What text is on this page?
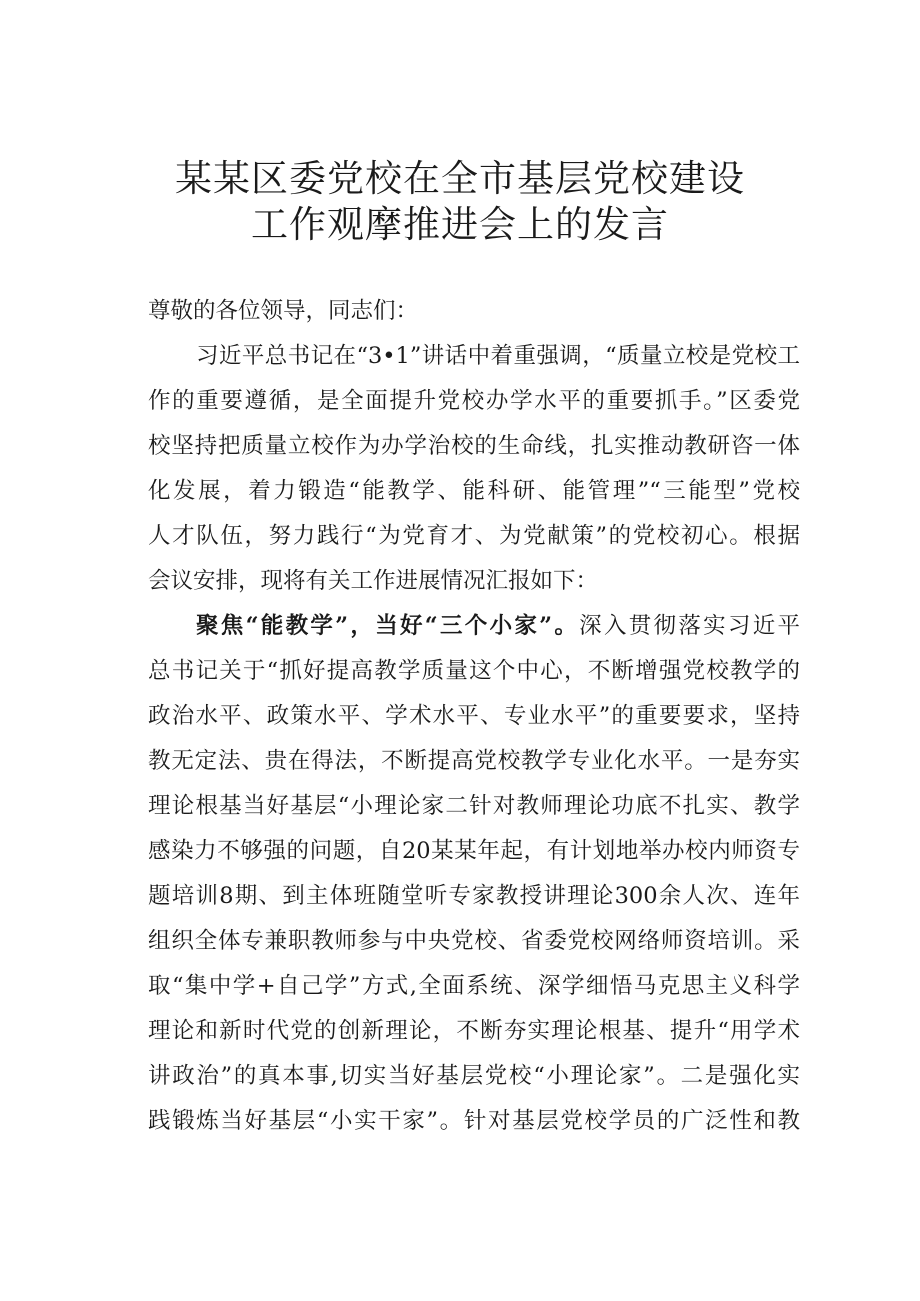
某某区委党校在全市基层党校建设
工作观摩推进会上的发言

尊敬的各位领导，同志们：

习近平总书记在“3•1”讲话中着重强调，“质量立校是党校工

作的重要遵循，是全面提升党校办学水平的重要抓手。”区委党

校坚持把质量立校作为办学治校的生命线，扎实推动教研咨一体

化发展，着力锻造“能教学、能科研、能管理”“三能型”党校

人才队伍，努力践行“为党育才、为党献策”的党校初心。根据

会议安排，现将有关工作进展情况汇报如下：

聚焦“能教学”，当好“三个小家”。深入贯彻落实习近平

总书记关于“抓好提高教学质量这个中心，不断增强党校教学的

政治水平、政策水平、学术水平、专业水平”的重要要求，坚持

教无定法、贵在得法，不断提高党校教学专业化水平。一是夯实

理论根基当好基层“小理论家二针对教师理论功底不扎实、教学

感染力不够强的问题，自20某某年起，有计划地举办校内师资专

题培训8期、到主体班随堂听专家教授讲理论300余人次、连年

组织全体专兼职教师参与中央党校、省委党校网络师资培训。采

取“集中学+自己学”方式,全面系统、深学细悟马克思主义科学

理论和新时代党的创新理论，不断夯实理论根基、提升“用学术

讲政治”的真本事,切实当好基层党校“小理论家”。二是强化实

践锻炼当好基层“小实干家”。针对基层党校学员的广泛性和教
